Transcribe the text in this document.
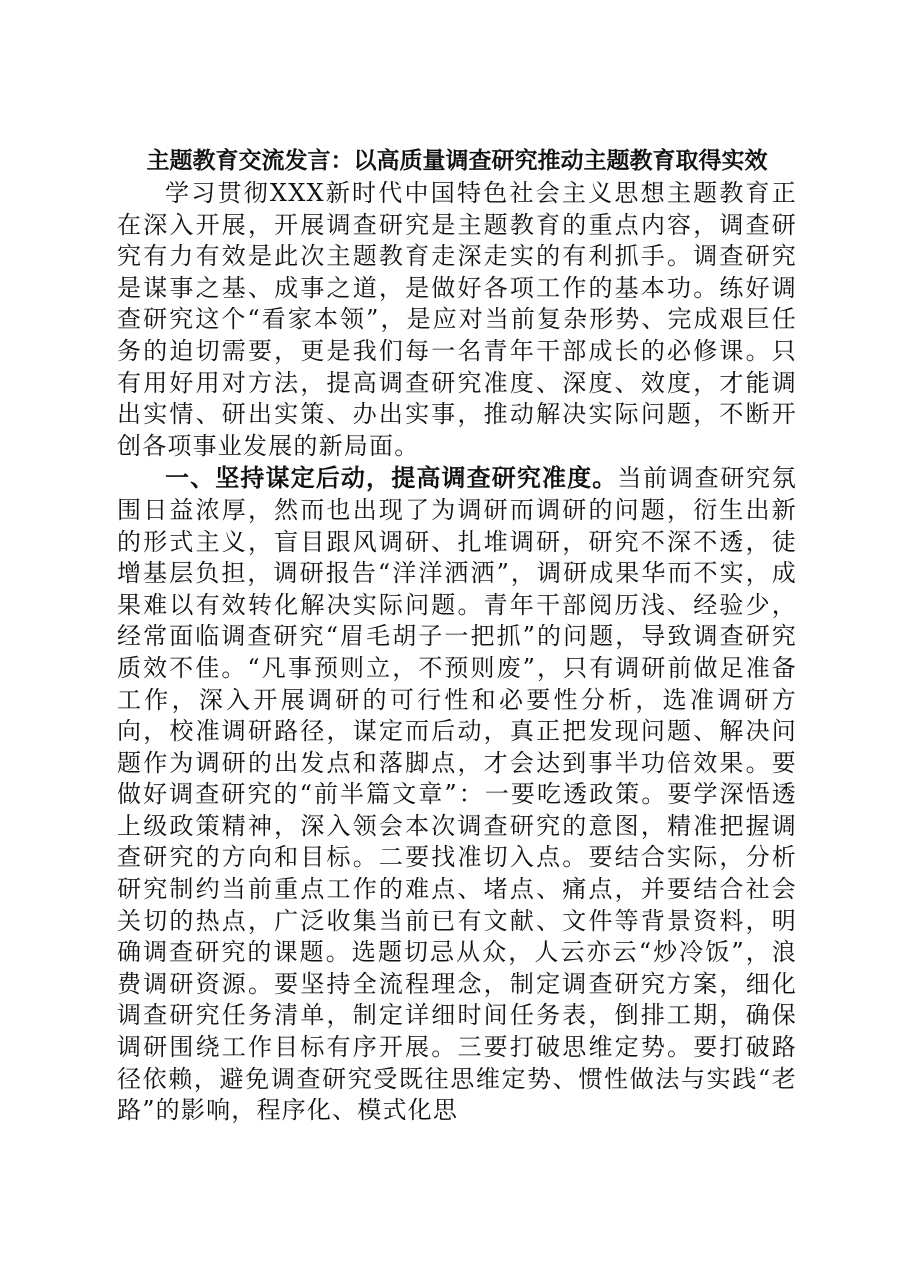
主题教育交流发言：以高质量调查研究推动主题教育取得实效

学习贯彻XXX新时代中国特色社会主义思想主题教育正在深入开展，开展调查研究是主题教育的重点内容，调查研究有力有效是此次主题教育走深走实的有利抓手。调查研究是谋事之基、成事之道，是做好各项工作的基本功。练好调查研究这个“看家本领”，是应对当前复杂形势、完成艰巨任务的迫切需要，更是我们每一名青年干部成长的必修课。只有用好用对方法，提高调查研究准度、深度、效度，才能调出实情、研出实策、办出实事，推动解决实际问题，不断开创各项事业发展的新局面。

一、坚持谋定后动，提高调查研究准度。当前调查研究氛围日益浓厚，然而也出现了为调研而调研的问题，衍生出新的形式主义，盲目跟风调研、扎堆调研，研究不深不透，徒增基层负担，调研报告“洋洋洒洒”，调研成果华而不实，成果难以有效转化解决实际问题。青年干部阅历浅、经验少，经常面临调查研究“眉毛胡子一把抓”的问题，导致调查研究质效不佳。“凡事预则立，不预则废”，只有调研前做足准备工作，深入开展调研的可行性和必要性分析，选准调研方向，校准调研路径，谋定而后动，真正把发现问题、解决问题作为调研的出发点和落脚点，才会达到事半功倍效果。要做好调查研究的“前半篇文章”：一要吃透政策。要学深悟透上级政策精神，深入领会本次调查研究的意图，精准把握调查研究的方向和目标。二要找准切入点。要结合实际，分析研究制约当前重点工作的难点、堵点、痛点，并要结合社会关切的热点，广泛收集当前已有文献、文件等背景资料，明确调查研究的课题。选题切忌从众，人云亦云“炒冷饭”，浪费调研资源。要坚持全流程理念，制定调查研究方案，细化调查研究任务清单，制定详细时间任务表，倒排工期，确保调研围绕工作目标有序开展。三要打破思维定势。要打破路径依赖，避免调查研究受既往思维定势、惯性做法与实践“老路”的影响，程序化、模式化思
